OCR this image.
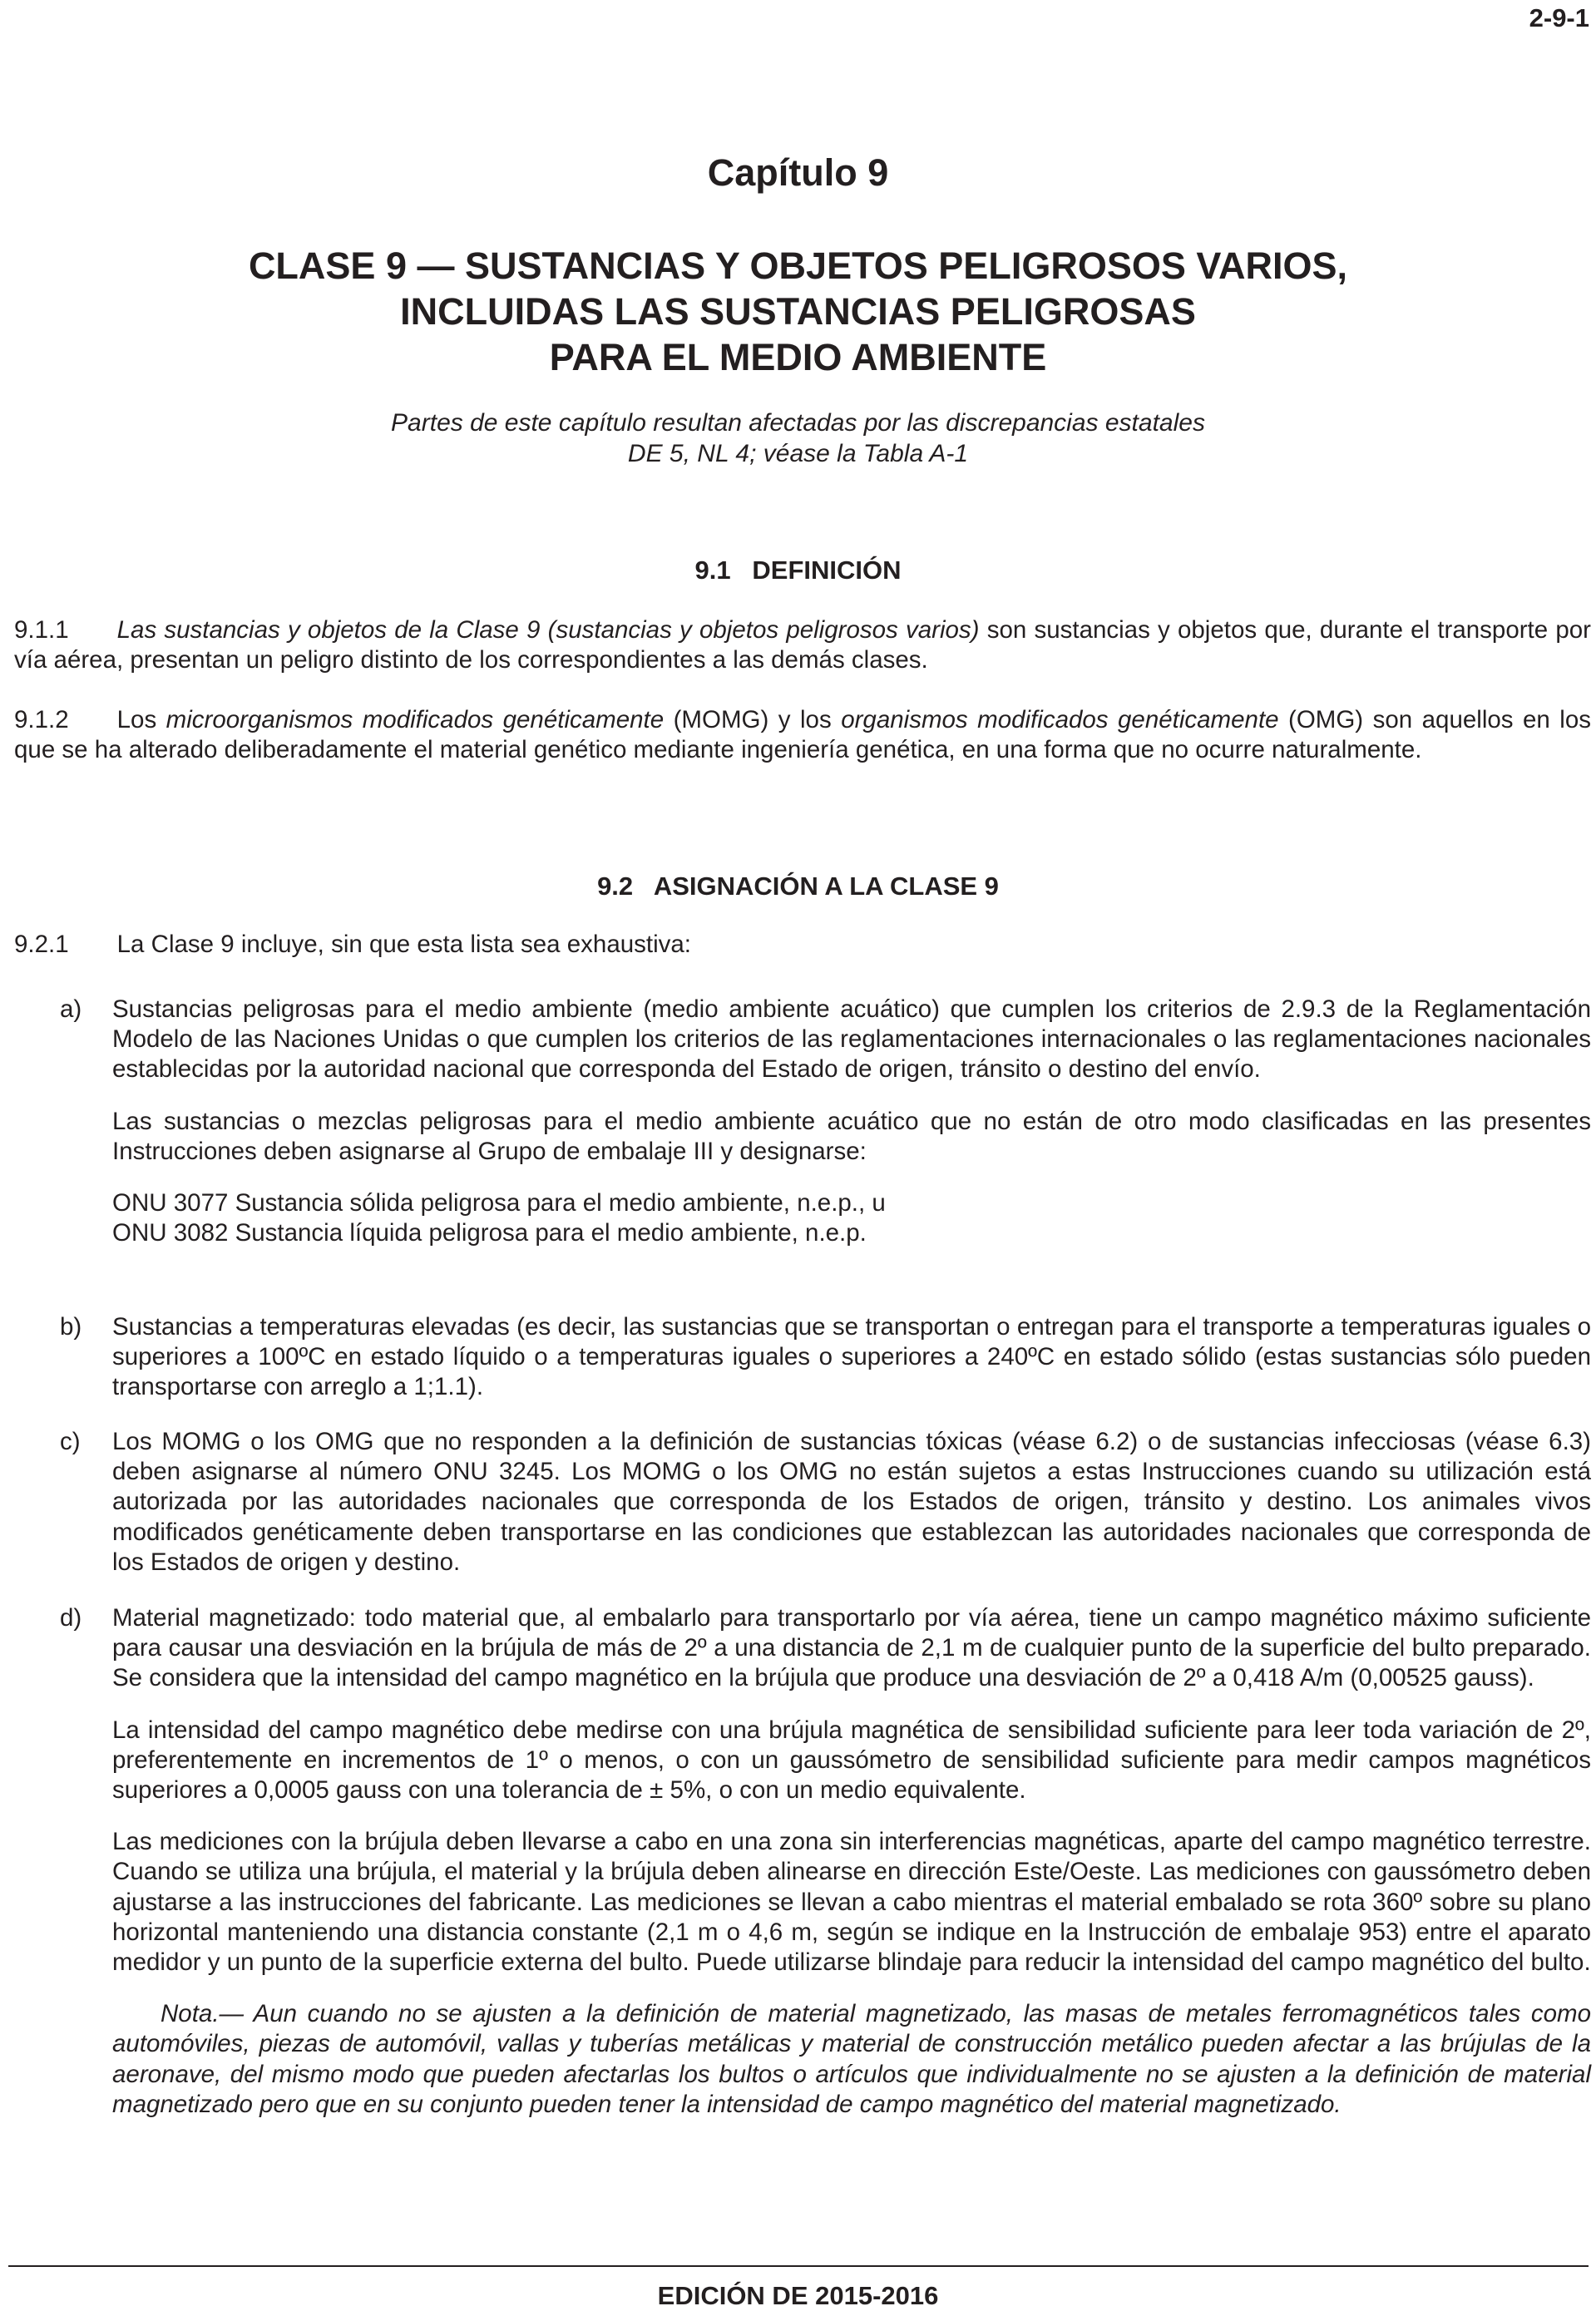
2-9-1
Capítulo 9
CLASE 9 — SUSTANCIAS Y OBJETOS PELIGROSOS VARIOS,
INCLUIDAS LAS SUSTANCIAS PELIGROSAS
PARA EL MEDIO AMBIENTE
Partes de este capítulo resultan afectadas por las discrepancias estatales
DE 5, NL 4; véase la Tabla A-1
9.1   DEFINICIÓN
9.1.1 Las sustancias y objetos de la Clase 9 (sustancias y objetos peligrosos varios) son sustancias y objetos que, durante el transporte por vía aérea, presentan un peligro distinto de los correspondientes a las demás clases.
9.1.2 Los microorganismos modificados genéticamente (MOMG) y los organismos modificados genéticamente (OMG) son aquellos en los que se ha alterado deliberadamente el material genético mediante ingeniería genética, en una forma que no ocurre naturalmente.
9.2   ASIGNACIÓN A LA CLASE 9
9.2.1 La Clase 9 incluye, sin que esta lista sea exhaustiva:
a) Sustancias peligrosas para el medio ambiente (medio ambiente acuático) que cumplen los criterios de 2.9.3 de la Reglamentación Modelo de las Naciones Unidas o que cumplen los criterios de las reglamentaciones internacionales o las reglamentaciones nacionales establecidas por la autoridad nacional que corresponda del Estado de origen, tránsito o destino del envío.
Las sustancias o mezclas peligrosas para el medio ambiente acuático que no están de otro modo clasificadas en las presentes Instrucciones deben asignarse al Grupo de embalaje III y designarse:
ONU 3077 Sustancia sólida peligrosa para el medio ambiente, n.e.p., u
ONU 3082 Sustancia líquida peligrosa para el medio ambiente, n.e.p.
b) Sustancias a temperaturas elevadas (es decir, las sustancias que se transportan o entregan para el transporte a temperaturas iguales o superiores a 100ºC en estado líquido o a temperaturas iguales o superiores a 240ºC en estado sólido (estas sustancias sólo pueden transportarse con arreglo a 1;1.1).
c) Los MOMG o los OMG que no responden a la definición de sustancias tóxicas (véase 6.2) o de sustancias infecciosas (véase 6.3) deben asignarse al número ONU 3245. Los MOMG o los OMG no están sujetos a estas Instrucciones cuando su utilización está autorizada por las autoridades nacionales que corresponda de los Estados de origen, tránsito y destino. Los animales vivos modificados genéticamente deben transportarse en las condiciones que establezcan las autoridades nacionales que corresponda de los Estados de origen y destino.
d) Material magnetizado: todo material que, al embalarlo para transportarlo por vía aérea, tiene un campo magnético máximo suficiente para causar una desviación en la brújula de más de 2º a una distancia de 2,1 m de cualquier punto de la superficie del bulto preparado. Se considera que la intensidad del campo magnético en la brújula que produce una desviación de 2º a 0,418 A/m (0,00525 gauss).
La intensidad del campo magnético debe medirse con una brújula magnética de sensibilidad suficiente para leer toda variación de 2º, preferentemente en incrementos de 1º o menos, o con un gaussómetro de sensibilidad suficiente para medir campos magnéticos superiores a 0,0005 gauss con una tolerancia de ± 5%, o con un medio equivalente.
Las mediciones con la brújula deben llevarse a cabo en una zona sin interferencias magnéticas, aparte del campo magnético terrestre. Cuando se utiliza una brújula, el material y la brújula deben alinearse en dirección Este/Oeste. Las mediciones con gaussómetro deben ajustarse a las instrucciones del fabricante. Las mediciones se llevan a cabo mientras el material embalado se rota 360º sobre su plano horizontal manteniendo una distancia constante (2,1 m o 4,6 m, según se indique en la Instrucción de embalaje 953) entre el aparato medidor y un punto de la superficie externa del bulto. Puede utilizarse blindaje para reducir la intensidad del campo magnético del bulto.
Nota.— Aun cuando no se ajusten a la definición de material magnetizado, las masas de metales ferromagnéticos tales como automóviles, piezas de automóvil, vallas y tuberías metálicas y material de construcción metálico pueden afectar a las brújulas de la aeronave, del mismo modo que pueden afectarlas los bultos o artículos que individualmente no se ajusten a la definición de material magnetizado pero que en su conjunto pueden tener la intensidad de campo magnético del material magnetizado.
EDICIÓN DE 2015-2016
